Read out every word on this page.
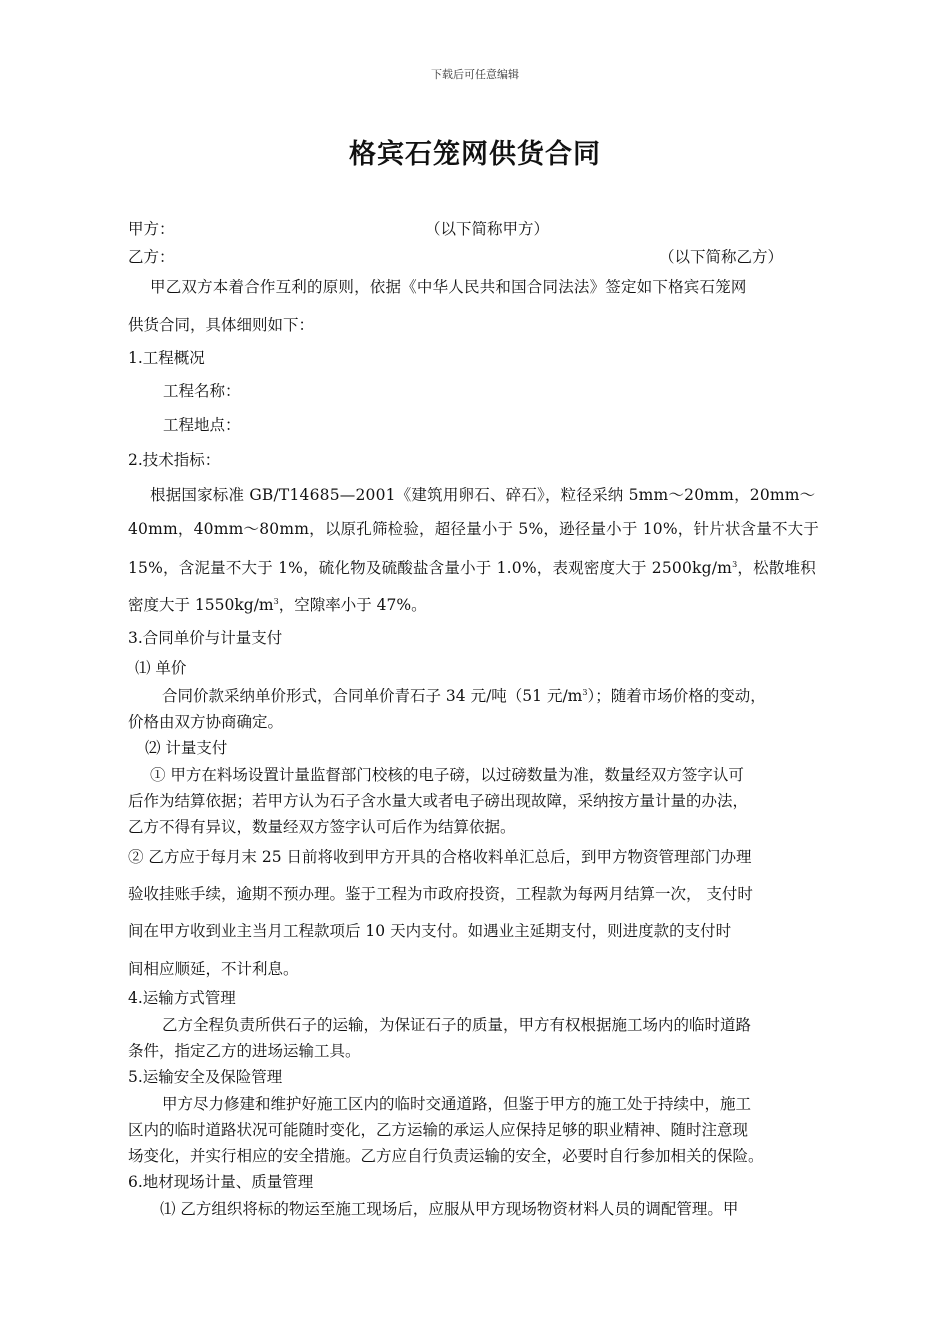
下载后可任意编辑
格宾石笼网供货合同
甲方：	（以下简称甲方）
乙方：	（以下简称乙方）
甲乙双方本着合作互利的原则，依据《中华人民共和国合同法法》签定如下格宾石笼网
供货合同，具体细则如下：
1.工程概况
工程名称：
工程地点：
2.技术指标：
根据国家标准 GB/T14685—2001《建筑用卵石、碎石》，粒径采纳 5mm～20mm，20mm～
40mm，40mm～80mm，以原孔筛检验，超径量小于 5%，逊径量小于 10%，针片状含量不大于
15%，含泥量不大于 1%，硫化物及硫酸盐含量小于 1.0%，表观密度大于 $2500kg/m^3$，松散堆积
密度大于 $1550kg/m^3$，空隙率小于 47%。
3.合同单价与计量支付
⑴ 单价
合同价款采纳单价形式，合同单价青石子 34 元/吨（51 元$/m^3$）；随着市场价格的变动，
价格由双方协商确定。
⑵ 计量支付
① 甲方在料场设置计量监督部门校核的电子磅，以过磅数量为准，数量经双方签字认可
后作为结算依据；若甲方认为石子含水量大或者电子磅出现故障，采纳按方量计量的办法，
乙方不得有异议，数量经双方签字认可后作为结算依据。
② 乙方应于每月末 25 日前将收到甲方开具的合格收料单汇总后，到甲方物资管理部门办理
验收挂账手续，逾期不预办理。鉴于工程为市政府投资，工程款为每两月结算一次， 支付时
间在甲方收到业主当月工程款项后 10 天内支付。如遇业主延期支付，则进度款的支付时
间相应顺延，不计利息。
4.运输方式管理
乙方全程负责所供石子的运输，为保证石子的质量，甲方有权根据施工场内的临时道路
条件，指定乙方的进场运输工具。
5.运输安全及保险管理
甲方尽力修建和维护好施工区内的临时交通道路，但鉴于甲方的施工处于持续中，施工
区内的临时道路状况可能随时变化，乙方运输的承运人应保持足够的职业精神、随时注意现
场变化，并实行相应的安全措施。乙方应自行负责运输的安全，必要时自行参加相关的保险。
6.地材现场计量、质量管理
⑴ 乙方组织将标的物运至施工现场后，应服从甲方现场物资材料人员的调配管理。甲
